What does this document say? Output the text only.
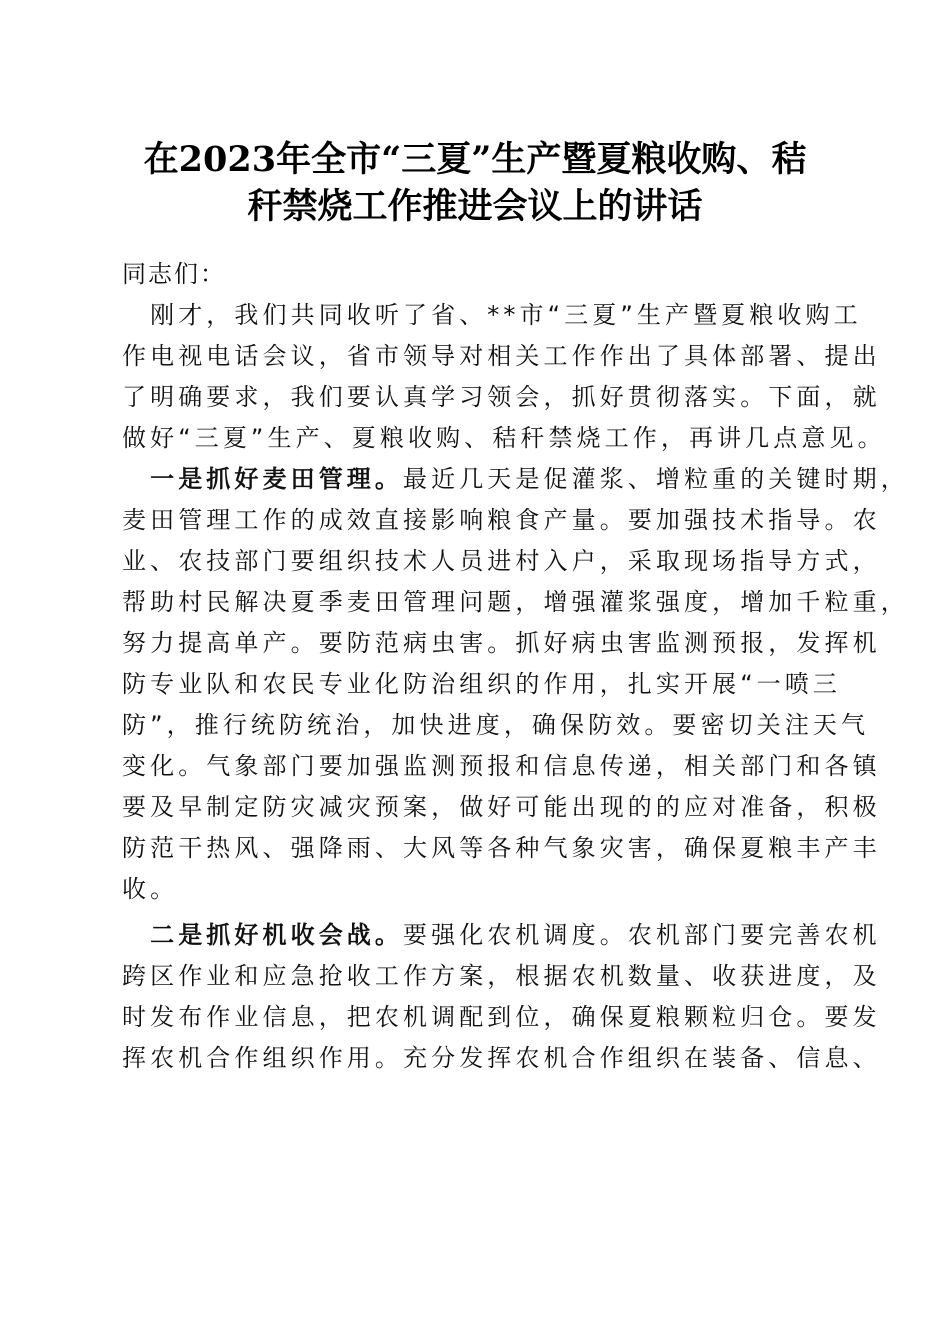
在2023年全市“三夏”生产暨夏粮收购、秸
秆禁烧工作推进会议上的讲话
同志们：
　刚才，我们共同收听了省、**市“三夏”生产暨夏粮收购工
作电视电话会议，省市领导对相关工作作出了具体部署、提出
了明确要求，我们要认真学习领会，抓好贯彻落实。下面，就
做好“三夏”生产、夏粮收购、秸秆禁烧工作，再讲几点意见。
　一是抓好麦田管理。最近几天是促灌浆、增粒重的关键时期，
麦田管理工作的成效直接影响粮食产量。要加强技术指导。农
业、农技部门要组织技术人员进村入户，采取现场指导方式，
帮助村民解决夏季麦田管理问题，增强灌浆强度，增加千粒重，
努力提高单产。要防范病虫害。抓好病虫害监测预报，发挥机
防专业队和农民专业化防治组织的作用，扎实开展“一喷三
防”，推行统防统治，加快进度，确保防效。要密切关注天气
变化。气象部门要加强监测预报和信息传递，相关部门和各镇
要及早制定防灾减灾预案，做好可能出现的的应对准备，积极
防范干热风、强降雨、大风等各种气象灾害，确保夏粮丰产丰
收。
　二是抓好机收会战。要强化农机调度。农机部门要完善农机
跨区作业和应急抢收工作方案，根据农机数量、收获进度，及
时发布作业信息，把农机调配到位，确保夏粮颗粒归仓。要发
挥农机合作组织作用。充分发挥农机合作组织在装备、信息、
